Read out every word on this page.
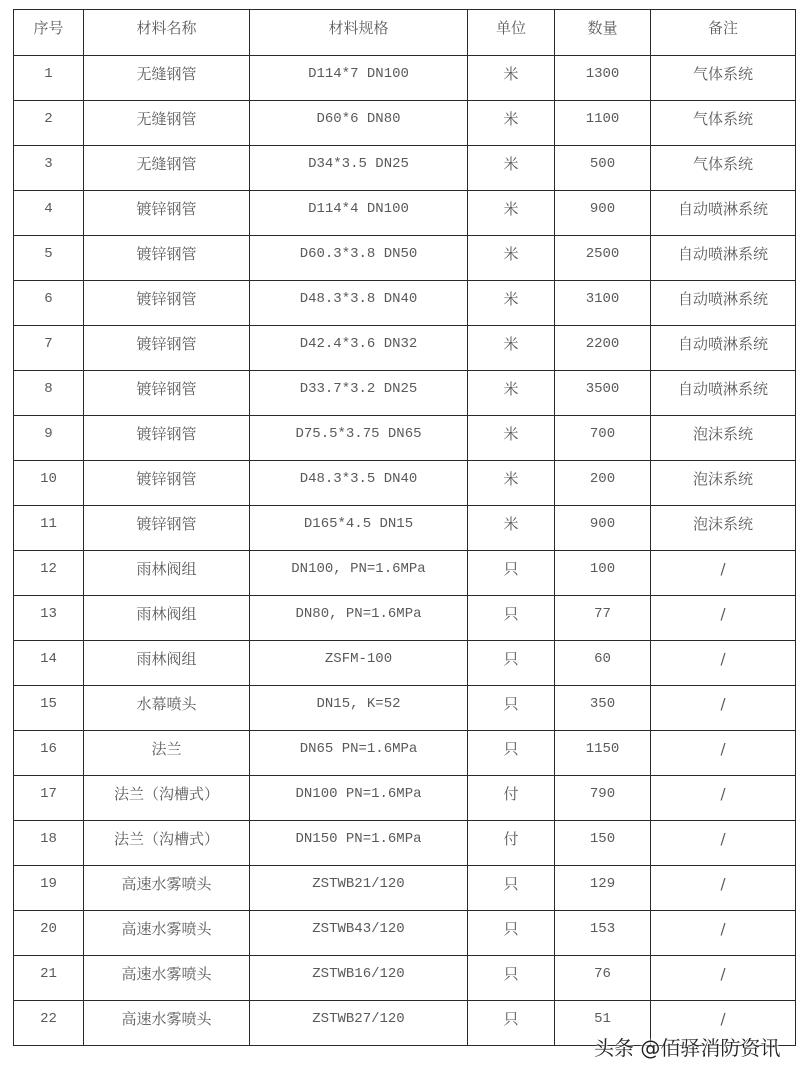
序号	材料名称	材料规格	单位	数量	备注

1	无缝钢管	D114*7 DN100	米	1300	气体系统

2	无缝钢管	D60*6 DN80	米	1100	气体系统

3	无缝钢管	D34*3.5 DN25	米	500	气体系统

4	镀锌钢管	D114*4 DN100	米	900	自动喷淋系统

5	镀锌钢管	D60.3*3.8 DN50	米	2500	自动喷淋系统

6	镀锌钢管	D48.3*3.8 DN40	米	3100	自动喷淋系统

7	镀锌钢管	D42.4*3.6 DN32	米	2200	自动喷淋系统

8	镀锌钢管	D33.7*3.2 DN25	米	3500	自动喷淋系统

9	镀锌钢管	D75.5*3.75 DN65	米	700	泡沫系统

10	镀锌钢管	D48.3*3.5 DN40	米	200	泡沫系统

11	镀锌钢管	D165*4.5 DN15	米	900	泡沫系统

12	雨林阀组	DN100, PN=1.6MPa	只	100	/

13	雨林阀组	DN80, PN=1.6MPa	只	77	/

14	雨林阀组	ZSFM-100	只	60	/

15	水幕喷头	DN15, K=52	只	350	/

16	法兰	DN65 PN=1.6MPa	只	1150	/

17	法兰（沟槽式）	DN100 PN=1.6MPa	付	790	/

18	法兰（沟槽式）	DN150 PN=1.6MPa	付	150	/

19	高速水雾喷头	ZSTWB21/120	只	129	/

20	高速水雾喷头	ZSTWB43/120	只	153	/

21	高速水雾喷头	ZSTWB16/120	只	76	/

22	高速水雾喷头	ZSTWB27/120	只	51	/
头条 @佰驿消防资讯
